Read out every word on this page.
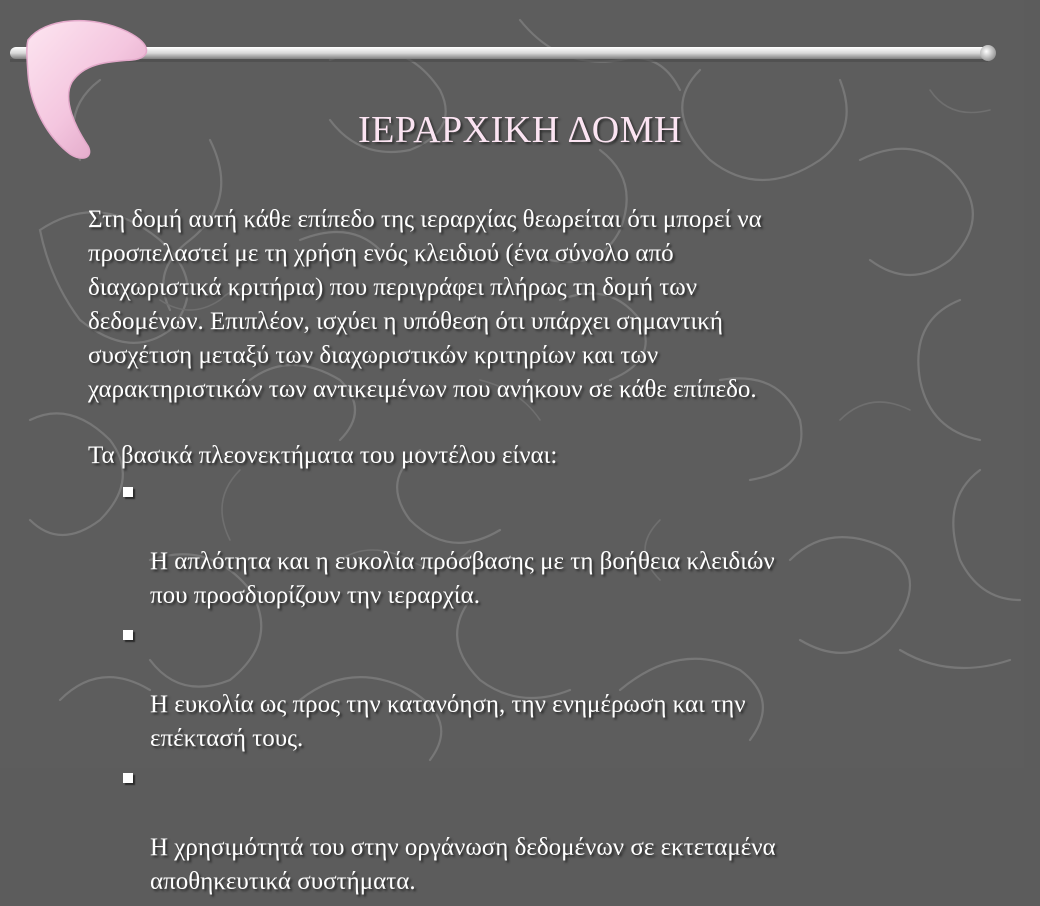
ΙΕΡΑΡΧΙΚΗ ΔΟΜΗ

Στη δομή αυτή κάθε επίπεδο της ιεραρχίας θεωρείται ότι μπορεί να
προσπελαστεί με τη χρήση ενός κλειδιού (ένα σύνολο από
διαχωριστικά κριτήρια) που περιγράφει πλήρως τη δομή των
δεδομένων. Επιπλέον, ισχύει η υπόθεση ότι υπάρχει σημαντική
συσχέτιση μεταξύ των διαχωριστικών κριτηρίων και των
χαρακτηριστικών των αντικειμένων που ανήκουν σε κάθε επίπεδο.

Τα βασικά πλεονεκτήματα του μοντέλου είναι:

Η απλότητα και η ευκολία πρόσβασης με τη βοήθεια κλειδιών
που προσδιορίζουν την ιεραρχία.

Η ευκολία ως προς την κατανόηση, την ενημέρωση και την
επέκτασή τους.

Η χρησιμότητά του στην οργάνωση δεδομένων σε εκτεταμένα
αποθηκευτικά συστήματα.
